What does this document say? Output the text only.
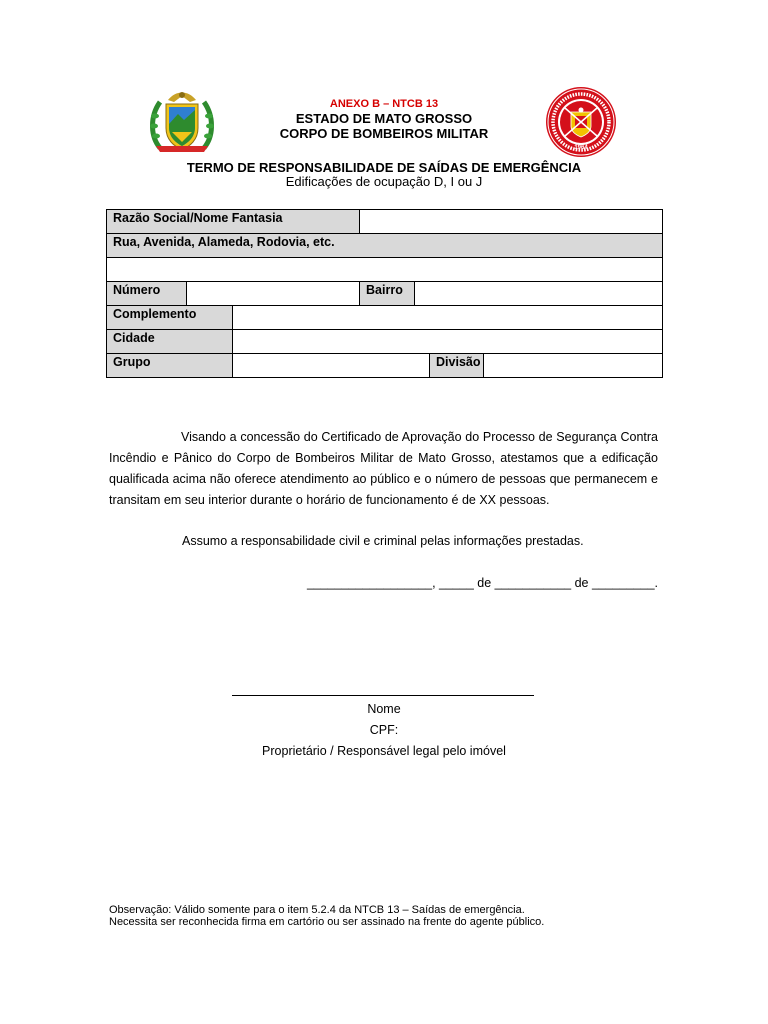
1964
ANEXO B – NTCB 13
ESTADO DE MATO GROSSO
CORPO DE BOMBEIROS MILITAR
TERMO DE RESPONSABILIDADE DE SAÍDAS DE EMERGÊNCIA
Edificações de ocupação D, I ou J
Razão Social/Nome Fantasia						
Rua, Avenida, Alameda, Rodovia, etc.						

Número			Bairro			
Complemento						
Cidade						
Grupo					Divisão	
Visando a concessão do Certificado de Aprovação do Processo de Segurança Contra Incêndio e Pânico do Corpo de Bombeiros Militar de Mato Grosso, atestamos que a edificação qualificada acima não oferece atendimento ao público e o número de pessoas que permanecem e transitam em seu interior durante o horário de funcionamento é de XX pessoas.
Assumo a responsabilidade civil e criminal pelas informações prestadas.
__________________, _____ de ___________ de _________.
Nome
CPF:
Proprietário / Responsável legal pelo imóvel
Observação: Válido somente para o item 5.2.4 da NTCB 13 – Saídas de emergência.
Necessita ser reconhecida firma em cartório ou ser assinado na frente do agente público.
